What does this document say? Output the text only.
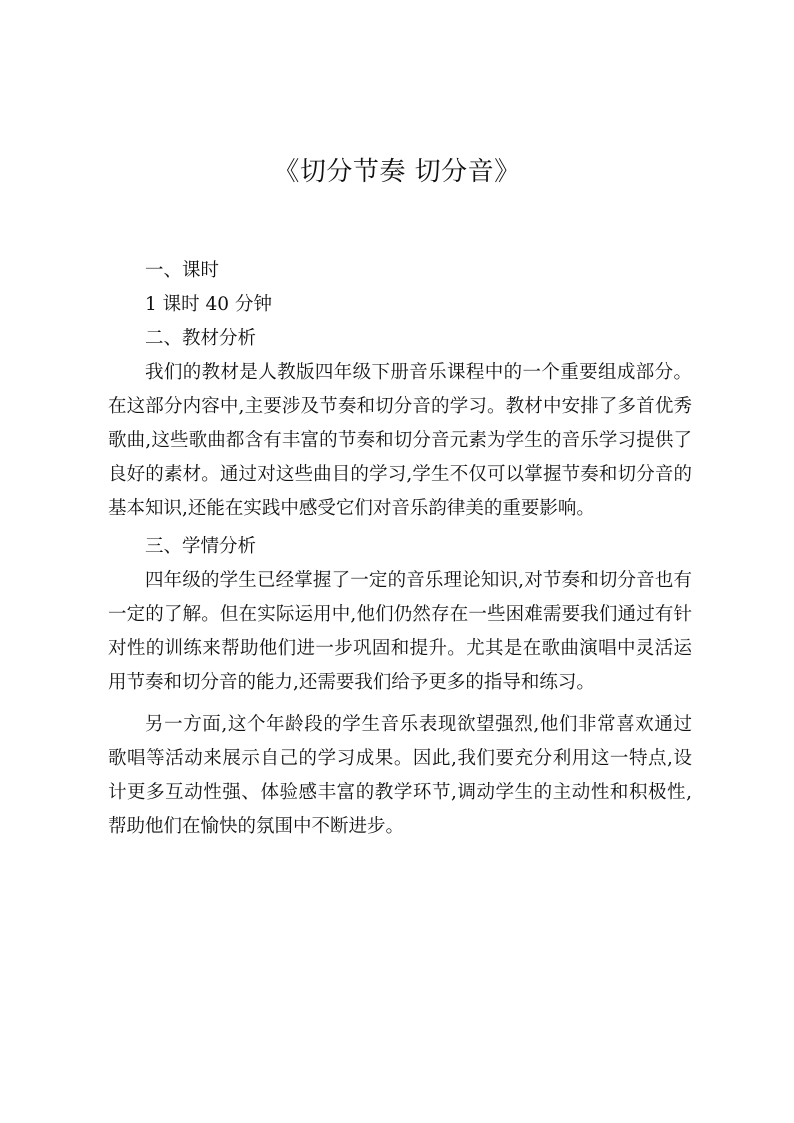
《切分节奏 切分音》
一、课时
1 课时 40 分钟
二、教材分析

我们的教材是人教版四年级下册音乐课程中的一个重要组成部分。在这部分内容中,主要涉及节奏和切分音的学习。教材中安排了多首优秀歌曲,这些歌曲都含有丰富的节奏和切分音元素为学生的音乐学习提供了良好的素材。通过对这些曲目的学习,学生不仅可以掌握节奏和切分音的基本知识,还能在实践中感受它们对音乐韵律美的重要影响。

三、学情分析

四年级的学生已经掌握了一定的音乐理论知识,对节奏和切分音也有一定的了解。但在实际运用中,他们仍然存在一些困难需要我们通过有针对性的训练来帮助他们进一步巩固和提升。尤其是在歌曲演唱中灵活运用节奏和切分音的能力,还需要我们给予更多的指导和练习。

另一方面,这个年龄段的学生音乐表现欲望强烈,他们非常喜欢通过歌唱等活动来展示自己的学习成果。因此,我们要充分利用这一特点,设计更多互动性强、体验感丰富的教学环节,调动学生的主动性和积极性,帮助他们在愉快的氛围中不断进步。
